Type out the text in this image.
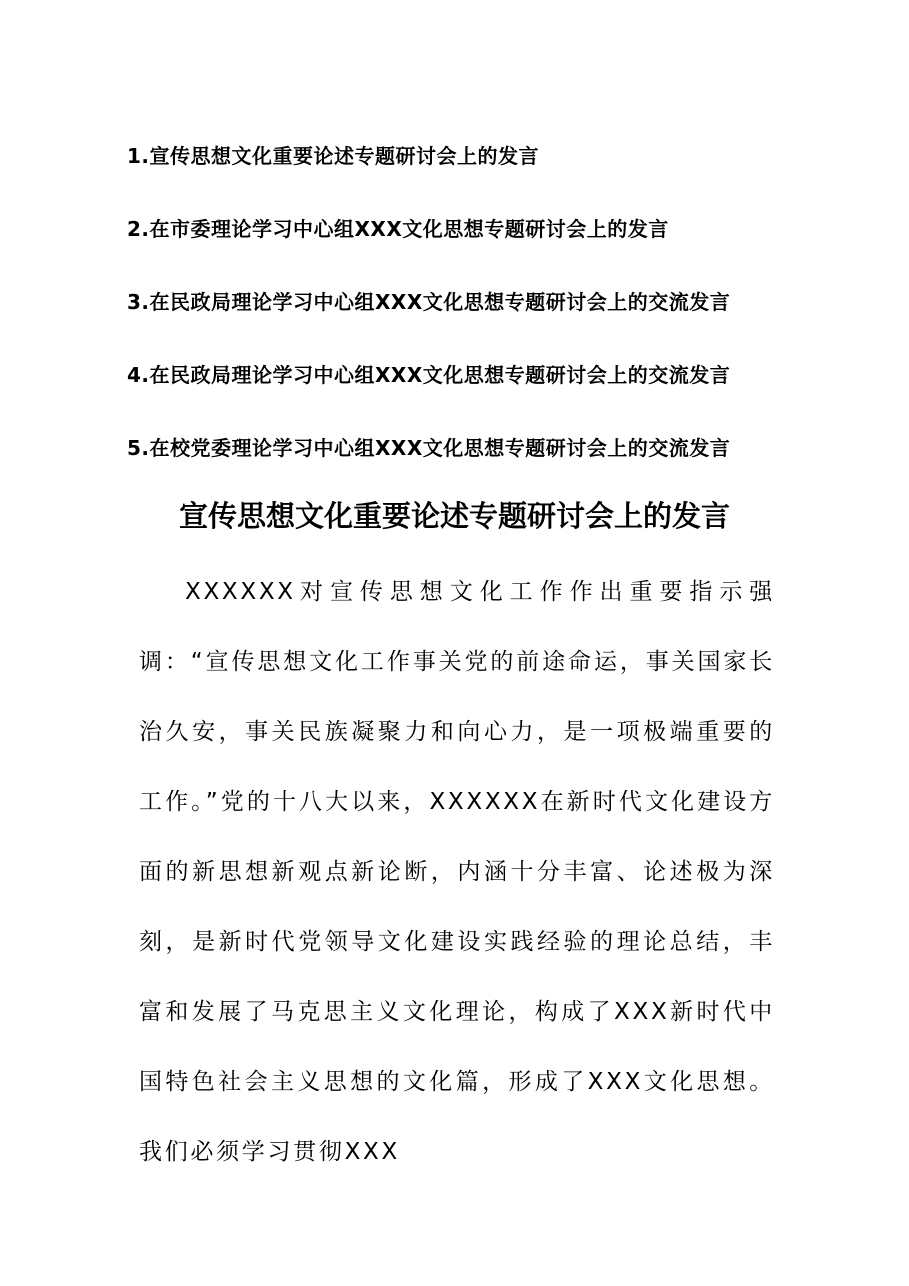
1.宣传思想文化重要论述专题研讨会上的发言
2.在市委理论学习中心组XXX文化思想专题研讨会上的发言
3.在民政局理论学习中心组XXX文化思想专题研讨会上的交流发言
4.在民政局理论学习中心组XXX文化思想专题研讨会上的交流发言
5.在校党委理论学习中心组XXX文化思想专题研讨会上的交流发言
宣传思想文化重要论述专题研讨会上的发言

XXXXXX对宣传思想文化工作作出重要指示强调：“宣传思想文化工作事关党的前途命运，事关国家长治久安，事关民族凝聚力和向心力，是一项极端重要的工作。”党的十八大以来，XXXXXX在新时代文化建设方面的新思想新观点新论断，内涵十分丰富、论述极为深刻，是新时代党领导文化建设实践经验的理论总结，丰富和发展了马克思主义文化理论，构成了XXX新时代中国特色社会主义思想的文化篇，形成了XXX文化思想。我们必须学习贯彻XXX
